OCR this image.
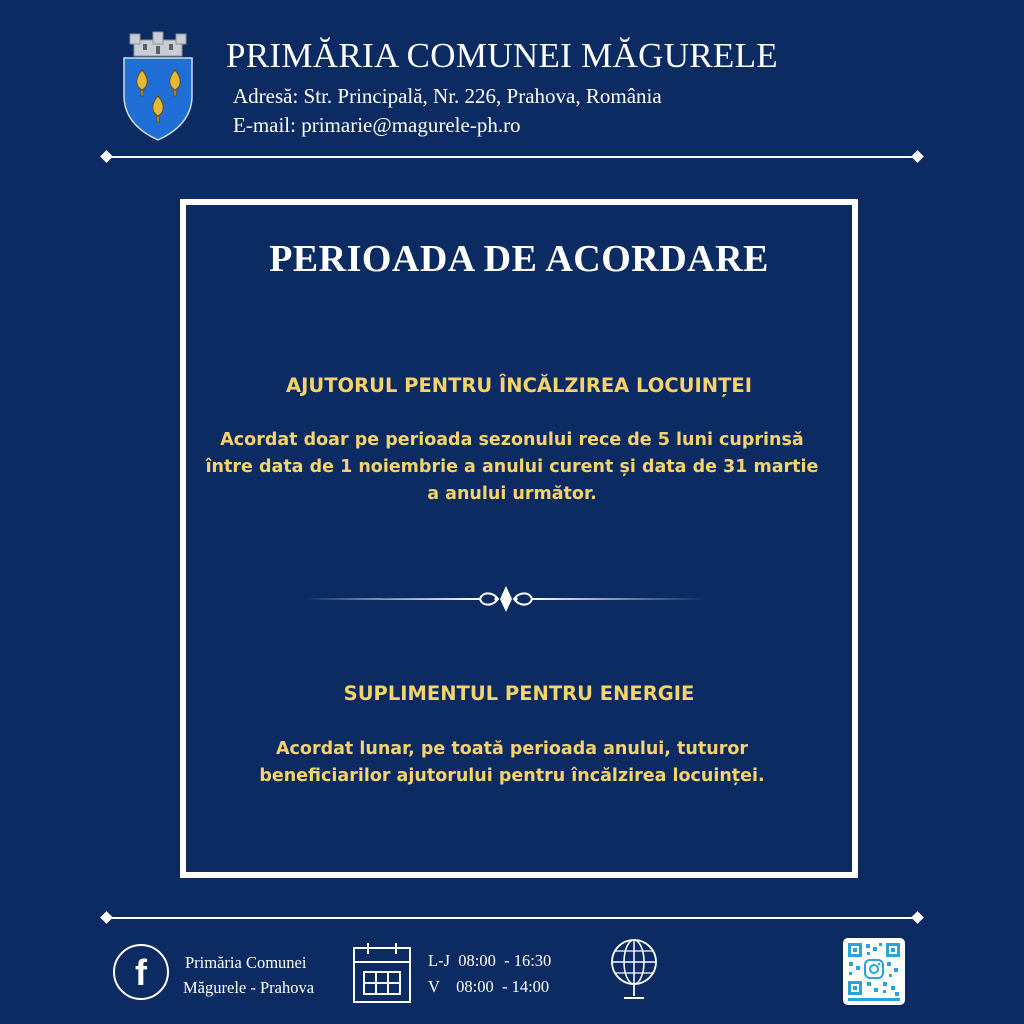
PRIMĂRIA COMUNEI MĂGURELE
Adresă: Str. Principală, Nr. 226, Prahova, România
E-mail: primarie@magurele-ph.ro
PERIOADA DE ACORDARE
AJUTORUL PENTRU ÎNCĂLZIREA LOCUINȚEI
Acordat doar pe perioada sezonului rece de 5 luni cuprinsă între data de 1 noiembrie a anului curent și data de 31 martie a anului următor.
SUPLIMENTUL PENTRU ENERGIE
Acordat lunar, pe toată perioada anului, tuturor beneficiarilor ajutorului pentru încălzirea locuinței.
f	Primăria Comunei
Măgurele - Prahova
L-J  08:00  - 16:30
V    08:00  - 14:00
